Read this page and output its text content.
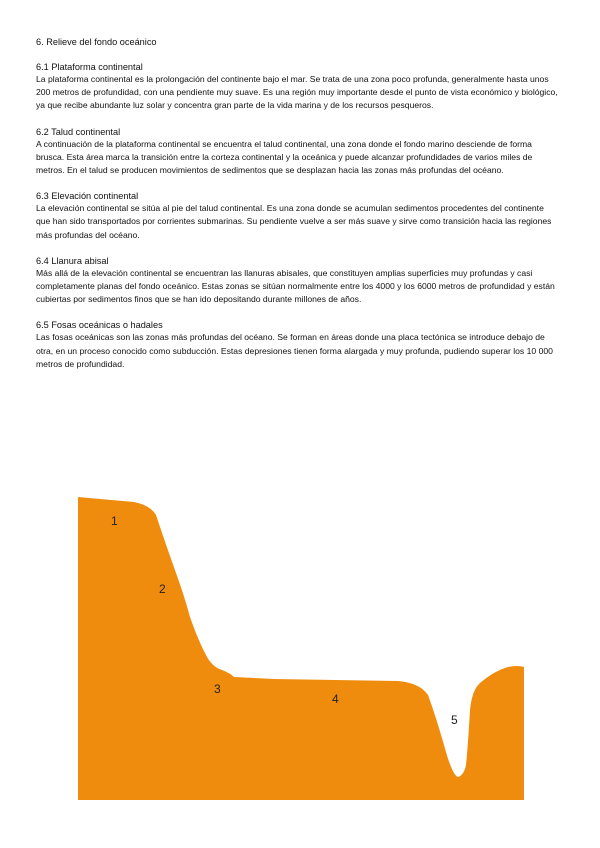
6. Relieve del fondo oceánico

6.1 Plataforma continental

La plataforma continental es la prolongación del continente bajo el mar. Se trata de una zona poco profunda, generalmente hasta unos 200 metros de profundidad, con una pendiente muy suave. Es una región muy importante desde el punto de vista económico y biológico, ya que recibe abundante luz solar y concentra gran parte de la vida marina y de los recursos pesqueros.

6.2 Talud continental

A continuación de la plataforma continental se encuentra el talud continental, una zona donde el fondo marino desciende de forma brusca. Esta área marca la transición entre la corteza continental y la oceánica y puede alcanzar profundidades de varios miles de metros. En el talud se producen movimientos de sedimentos que se desplazan hacia las zonas más profundas del océano.

6.3 Elevación continental

La elevación continental se sitúa al pie del talud continental. Es una zona donde se acumulan sedimentos procedentes del continente que han sido transportados por corrientes submarinas. Su pendiente vuelve a ser más suave y sirve como transición hacia las regiones más profundas del océano.

6.4 Llanura abisal

Más allá de la elevación continental se encuentran las llanuras abisales, que constituyen amplias superficies muy profundas y casi completamente planas del fondo oceánico. Estas zonas se sitúan normalmente entre los 4000 y los 6000 metros de profundidad y están cubiertas por sedimentos finos que se han ido depositando durante millones de años.

6.5 Fosas oceánicas o hadales

Las fosas oceánicas son las zonas más profundas del océano. Se forman en áreas donde una placa tectónica se introduce debajo de otra, en un proceso conocido como subducción. Estas depresiones tienen forma alargada y muy profunda, pudiendo superar los 10 000 metros de profundidad.

1
2
3
4
5
